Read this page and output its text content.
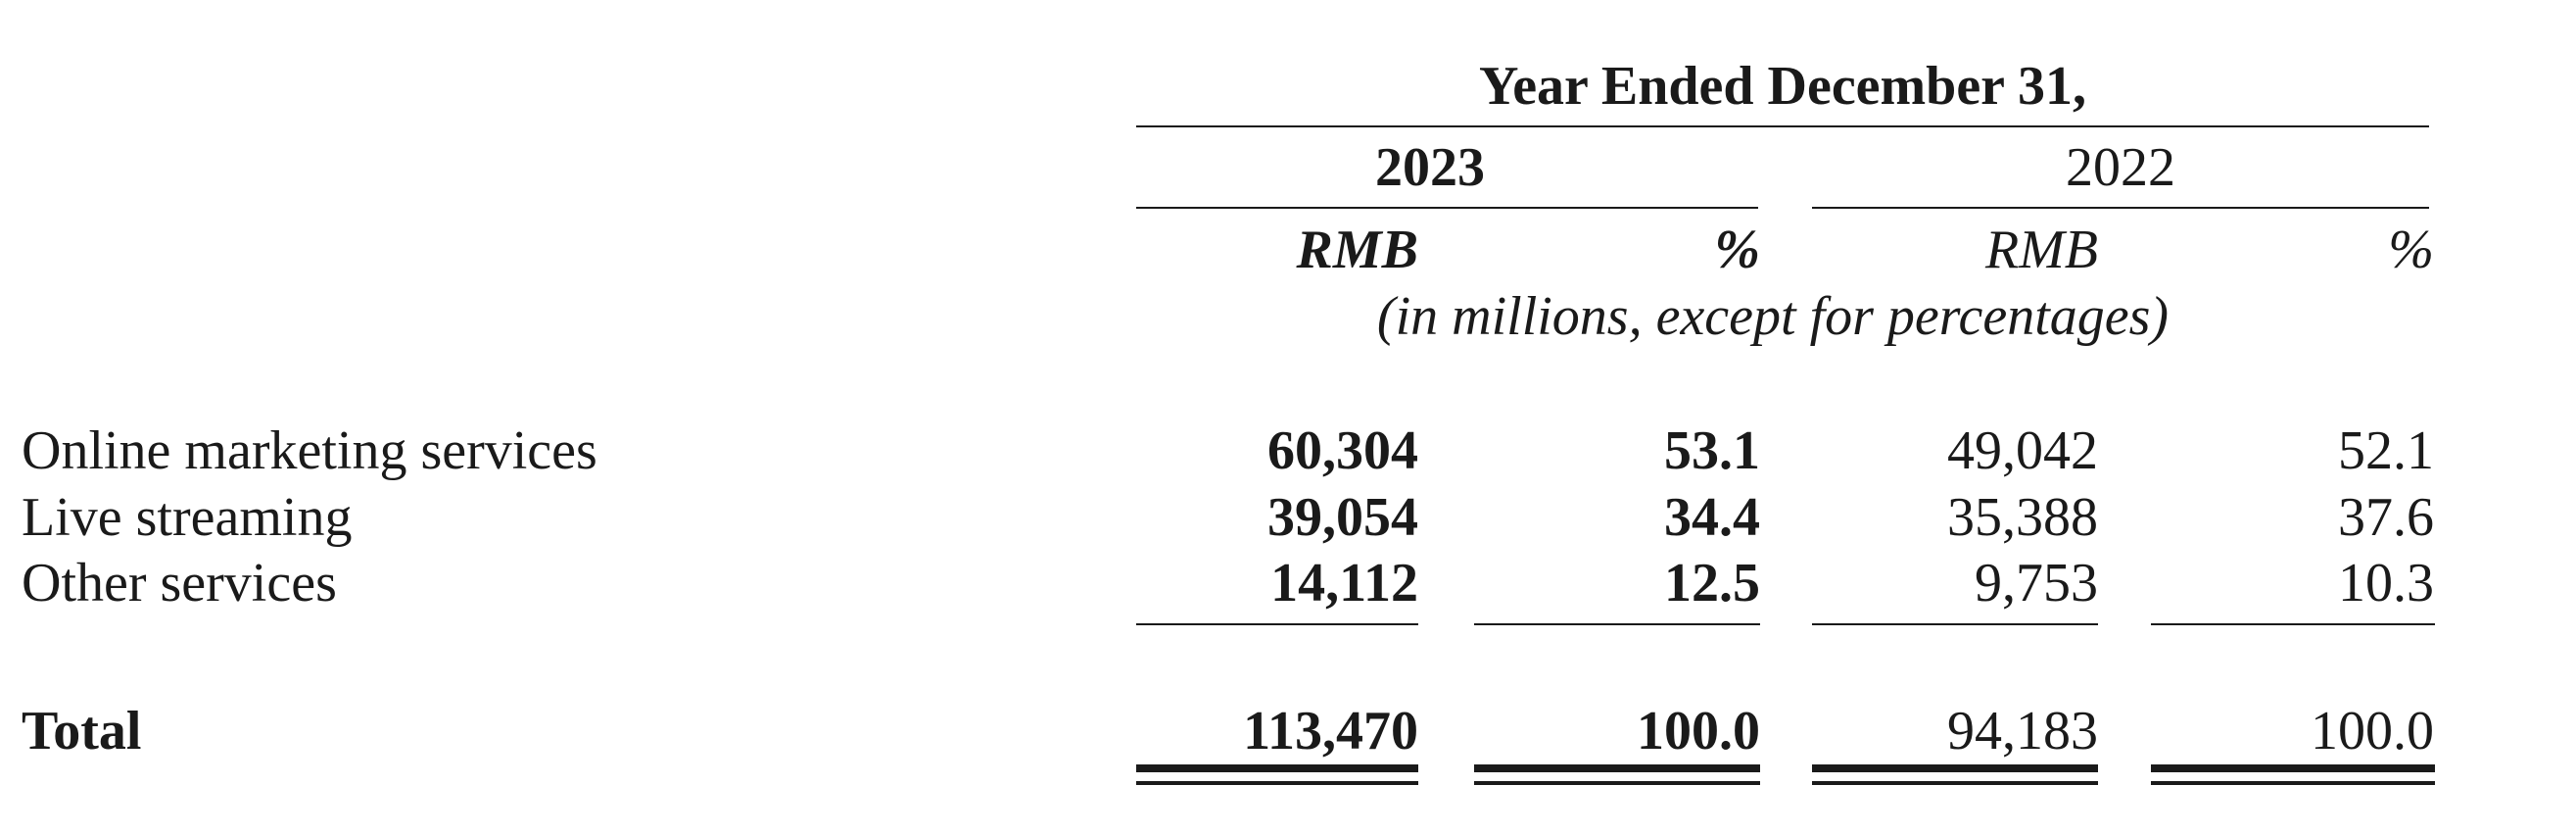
Year Ended December 31,
2023	2022
RMB	%	RMB	%
(in millions, except for percentages)
Online marketing services	60,304	53.1	49,042	52.1
Live streaming	39,054	34.4	35,388	37.6
Other services	14,112	12.5	9,753	10.3
Total	113,470	100.0	94,183	100.0
